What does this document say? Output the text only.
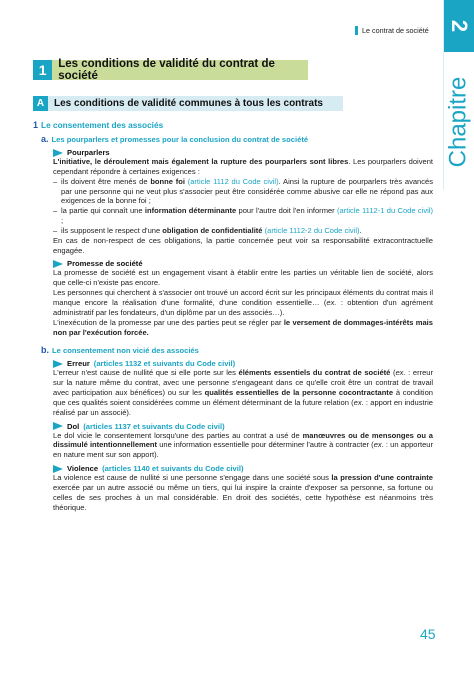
Le contrat de société 2
Chapitre
1	Les conditions de validité du contrat de société
A Les conditions de validité communes à tous les contrats
1 Le consentement des associés
a. Les pourparlers et promesses pour la conclusion du contrat de société
Pourparlers

L'initiative, le déroulement mais également la rupture des pourparlers sont libres. Les pourparlers doivent cependant répondre à certaines exigences :

– ils doivent être menés de bonne foi (article 1112 du Code civil). Ainsi la rupture de pourparlers très avancés par une personne qui ne veut plus s'associer peut être considérée comme abusive car elle ne répond pas aux exigences de la bonne foi ;
– la partie qui connaît une information déterminante pour l'autre doit l'en informer (article 1112-1 du Code civil) ;
– ils supposent le respect d'une obligation de confidentialité (article 1112-2 du Code civil).

En cas de non-respect de ces obligations, la partie concernée peut voir sa responsabilité extracontractuelle engagée.

Promesse de société

La promesse de société est un engagement visant à établir entre les parties un véritable lien de société, alors que celle-ci n'existe pas encore.

Les personnes qui cherchent à s'associer ont trouvé un accord écrit sur les principaux éléments du contrat mais il manque encore la réalisation d'une formalité, d'une condition essentielle… (ex. : obtention d'un agrément administratif par les fondateurs, d'un diplôme par un des associés…).

L'inexécution de la promesse par une des parties peut se régler par le versement de dommages-intérêts mais non par l'exécution forcée.

b. Le consentement non vicié des associés
Erreur (articles 1132 et suivants du Code civil)

L'erreur n'est cause de nullité que si elle porte sur les éléments essentiels du contrat de société (ex. : erreur sur la nature même du contrat, avec une personne s'engageant dans ce qu'elle croit être un contrat de travail avec participation aux bénéfices) ou sur les qualités essentielles de la personne cocontractante à condition que ces qualités soient considérées comme un élément déterminant de la future relation (ex. : apport en industrie réalisé par un associé).

Dol (articles 1137 et suivants du Code civil)

Le dol vicie le consentement lorsqu'une des parties au contrat a usé de manœuvres ou de mensonges ou a dissimulé intentionnellement une information essentielle pour déterminer l'autre à contracter (ex. : un apporteur en nature ment sur son apport).

Violence (articles 1140 et suivants du Code civil)

La violence est cause de nullité si une personne s'engage dans une société sous la pression d'une contrainte exercée par un autre associé ou même un tiers, qui lui inspire la crainte d'exposer sa personne, sa fortune ou celles de ses proches à un mal considérable. En droit des sociétés, cette hypothèse est néanmoins très théorique.

45
